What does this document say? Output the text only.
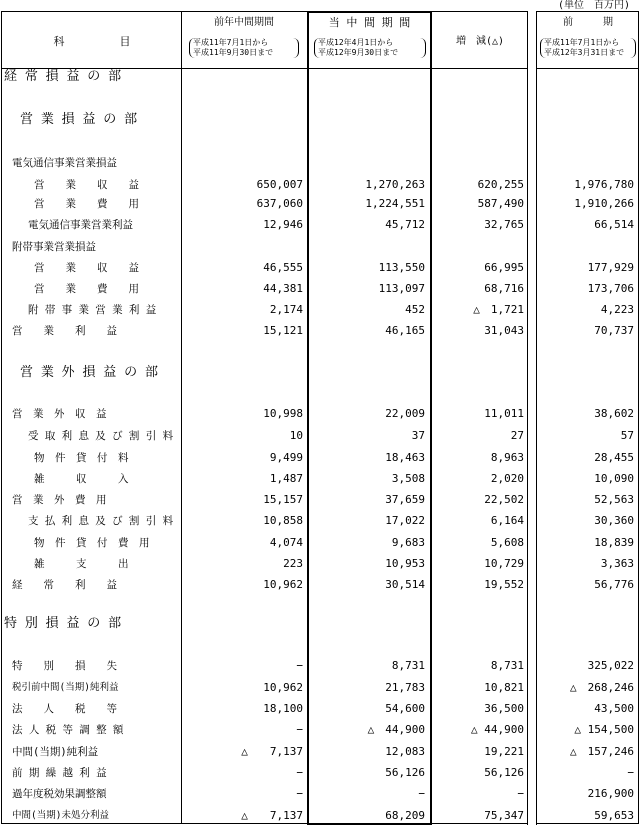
(単位　百万円)
科　　　　　目
前年中間期間
平成11年7月1日から
平成11年9月30日まで
当 中 間 期 間
平成12年4月1日から
平成12年9月30日まで
増　減(△)
前　　　期
平成11年7月1日から
平成12年3月31日まで
経 常 損 益 の 部
営 業 損 益 の 部
電気通信事業営業損益
営　　業　　収　　益	650,007	1,270,263	620,255	1,976,780
営　　業　　費　　用	637,060	1,224,551	587,490	1,910,266
電気通信事業営業利益	12,946	45,712	32,765	66,514
附帯事業営業損益
営　　業　　収　　益	46,555	113,550	66,995	177,929
営　　業　　費　　用	44,381	113,097	68,716	173,706
附 帯 事 業 営 業 利 益	2,174	452	△　1,721	4,223
営　　業　　利　　益	15,121	46,165	31,043	70,737
営 業 外 損 益 の 部
営　業　外　収　益	10,998	22,009	11,011	38,602
受 取 利 息 及 び 割 引 料	10	37	27	57
物　件　貸　付　料	9,499	18,463	8,963	28,455
雑　　　収　　　入	1,487	3,508	2,020	10,090
営　業　外　費　用	15,157	37,659	22,502	52,563
支 払 利 息 及 び 割 引 料	10,858	17,022	6,164	30,360
物　件　貸　付　費　用	4,074	9,683	5,608	18,839
雑　　　支　　　出	223	10,953	10,729	3,363
経　　常　　利　　益	10,962	30,514	19,552	56,776
特 別 損 益 の 部
特　　別　　損　　失	−	8,731	8,731	325,022
税引前中間(当期)純利益	10,962	21,783	10,821	△　268,246
法　　人　　税　　等	18,100	54,600	36,500	43,500
法 人 税 等 調 整 額	−	△　44,900	△ 44,900	△ 154,500
中間(当期)純利益	△　　7,137	12,083	19,221	△　157,246
前 期 繰 越 利 益	−	56,126	56,126	−
過年度税効果調整額	−	−	−	216,900
中間(当期)未処分利益	△　　7,137	68,209	75,347	59,653
